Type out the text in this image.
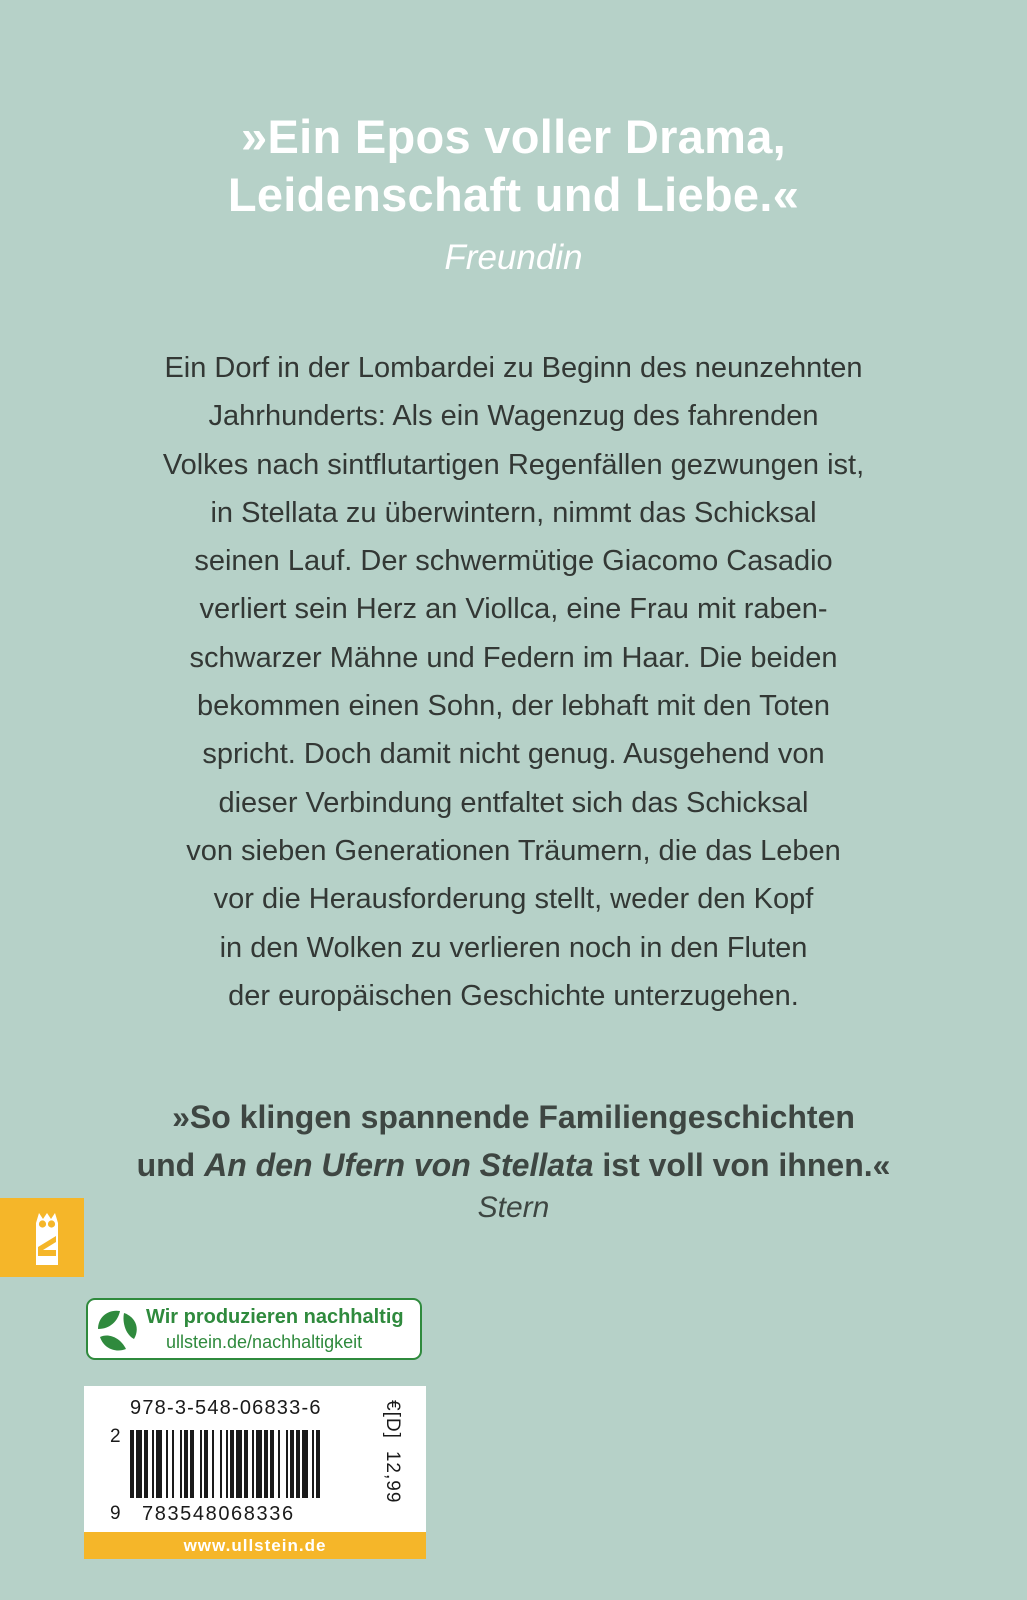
»Ein Epos voller Drama,
Leidenschaft und Liebe.«
Freundin
Ein Dorf in der Lombardei zu Beginn des neunzehnten
Jahrhunderts: Als ein Wagenzug des fahrenden
Volkes nach sintflutartigen Regenfällen gezwungen ist,
in Stellata zu überwintern, nimmt das Schicksal
seinen Lauf. Der schwermütige Giacomo Casadio
verliert sein Herz an Viollca, eine Frau mit raben-
schwarzer Mähne und Federn im Haar. Die beiden
bekommen einen Sohn, der lebhaft mit den Toten
spricht. Doch damit nicht genug. Ausgehend von
dieser Verbindung entfaltet sich das Schicksal
von sieben Generationen Träumern, die das Leben
vor die Herausforderung stellt, weder den Kopf
in den Wolken zu verlieren noch in den Fluten
der europäischen Geschichte unterzugehen.
»So klingen spannende Familiengeschichten
und An den Ufern von Stellata ist voll von ihnen.«
Stern
Wir produzieren nachhaltig
ullstein.de/nachhaltigkeit
978-3-548-06833-6
2
9 783548068336
€[D]12,99
www.ullstein.de
